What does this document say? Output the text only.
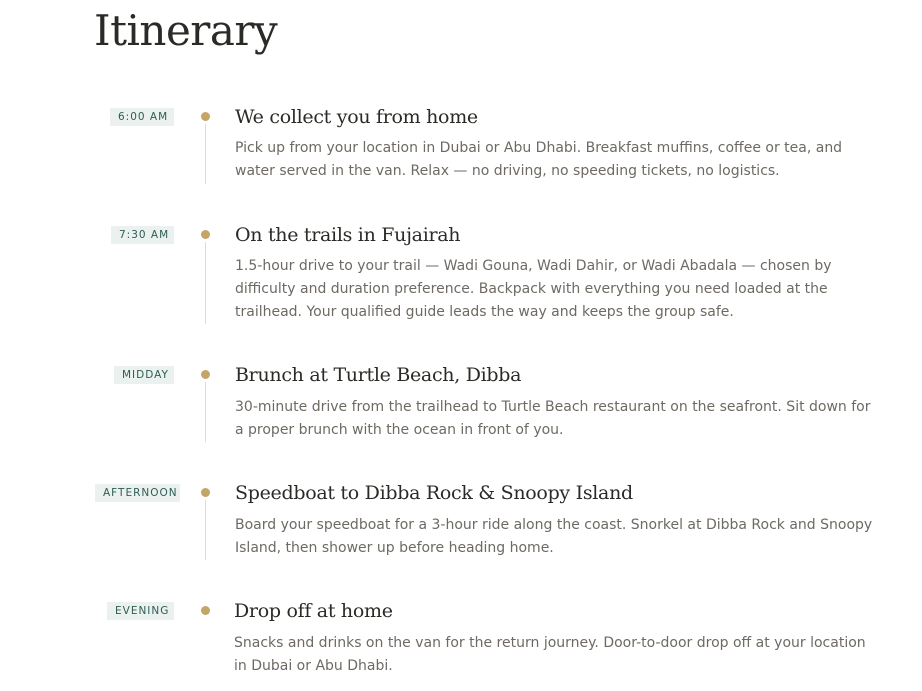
Itinerary
6:00 AM	We collect you from home

Pick up from your location in Dubai or Abu Dhabi. Breakfast muffins, coffee or tea, and water served in the van. Relax — no driving, no speeding tickets, no logistics.

7:30 AM	On the trails in Fujairah

1.5-hour drive to your trail — Wadi Gouna, Wadi Dahir, or Wadi Abadala — chosen by difficulty and duration preference. Backpack with everything you need loaded at the trailhead. Your qualified guide leads the way and keeps the group safe.

MIDDAY	Brunch at Turtle Beach, Dibba

30-minute drive from the trailhead to Turtle Beach restaurant on the seafront. Sit down for a proper brunch with the ocean in front of you.

AFTERNOON	Speedboat to Dibba Rock & Snoopy Island

Board your speedboat for a 3-hour ride along the coast. Snorkel at Dibba Rock and Snoopy Island, then shower up before heading home.

EVENING	Drop off at home

Snacks and drinks on the van for the return journey. Door-to-door drop off at your location in Dubai or Abu Dhabi.
